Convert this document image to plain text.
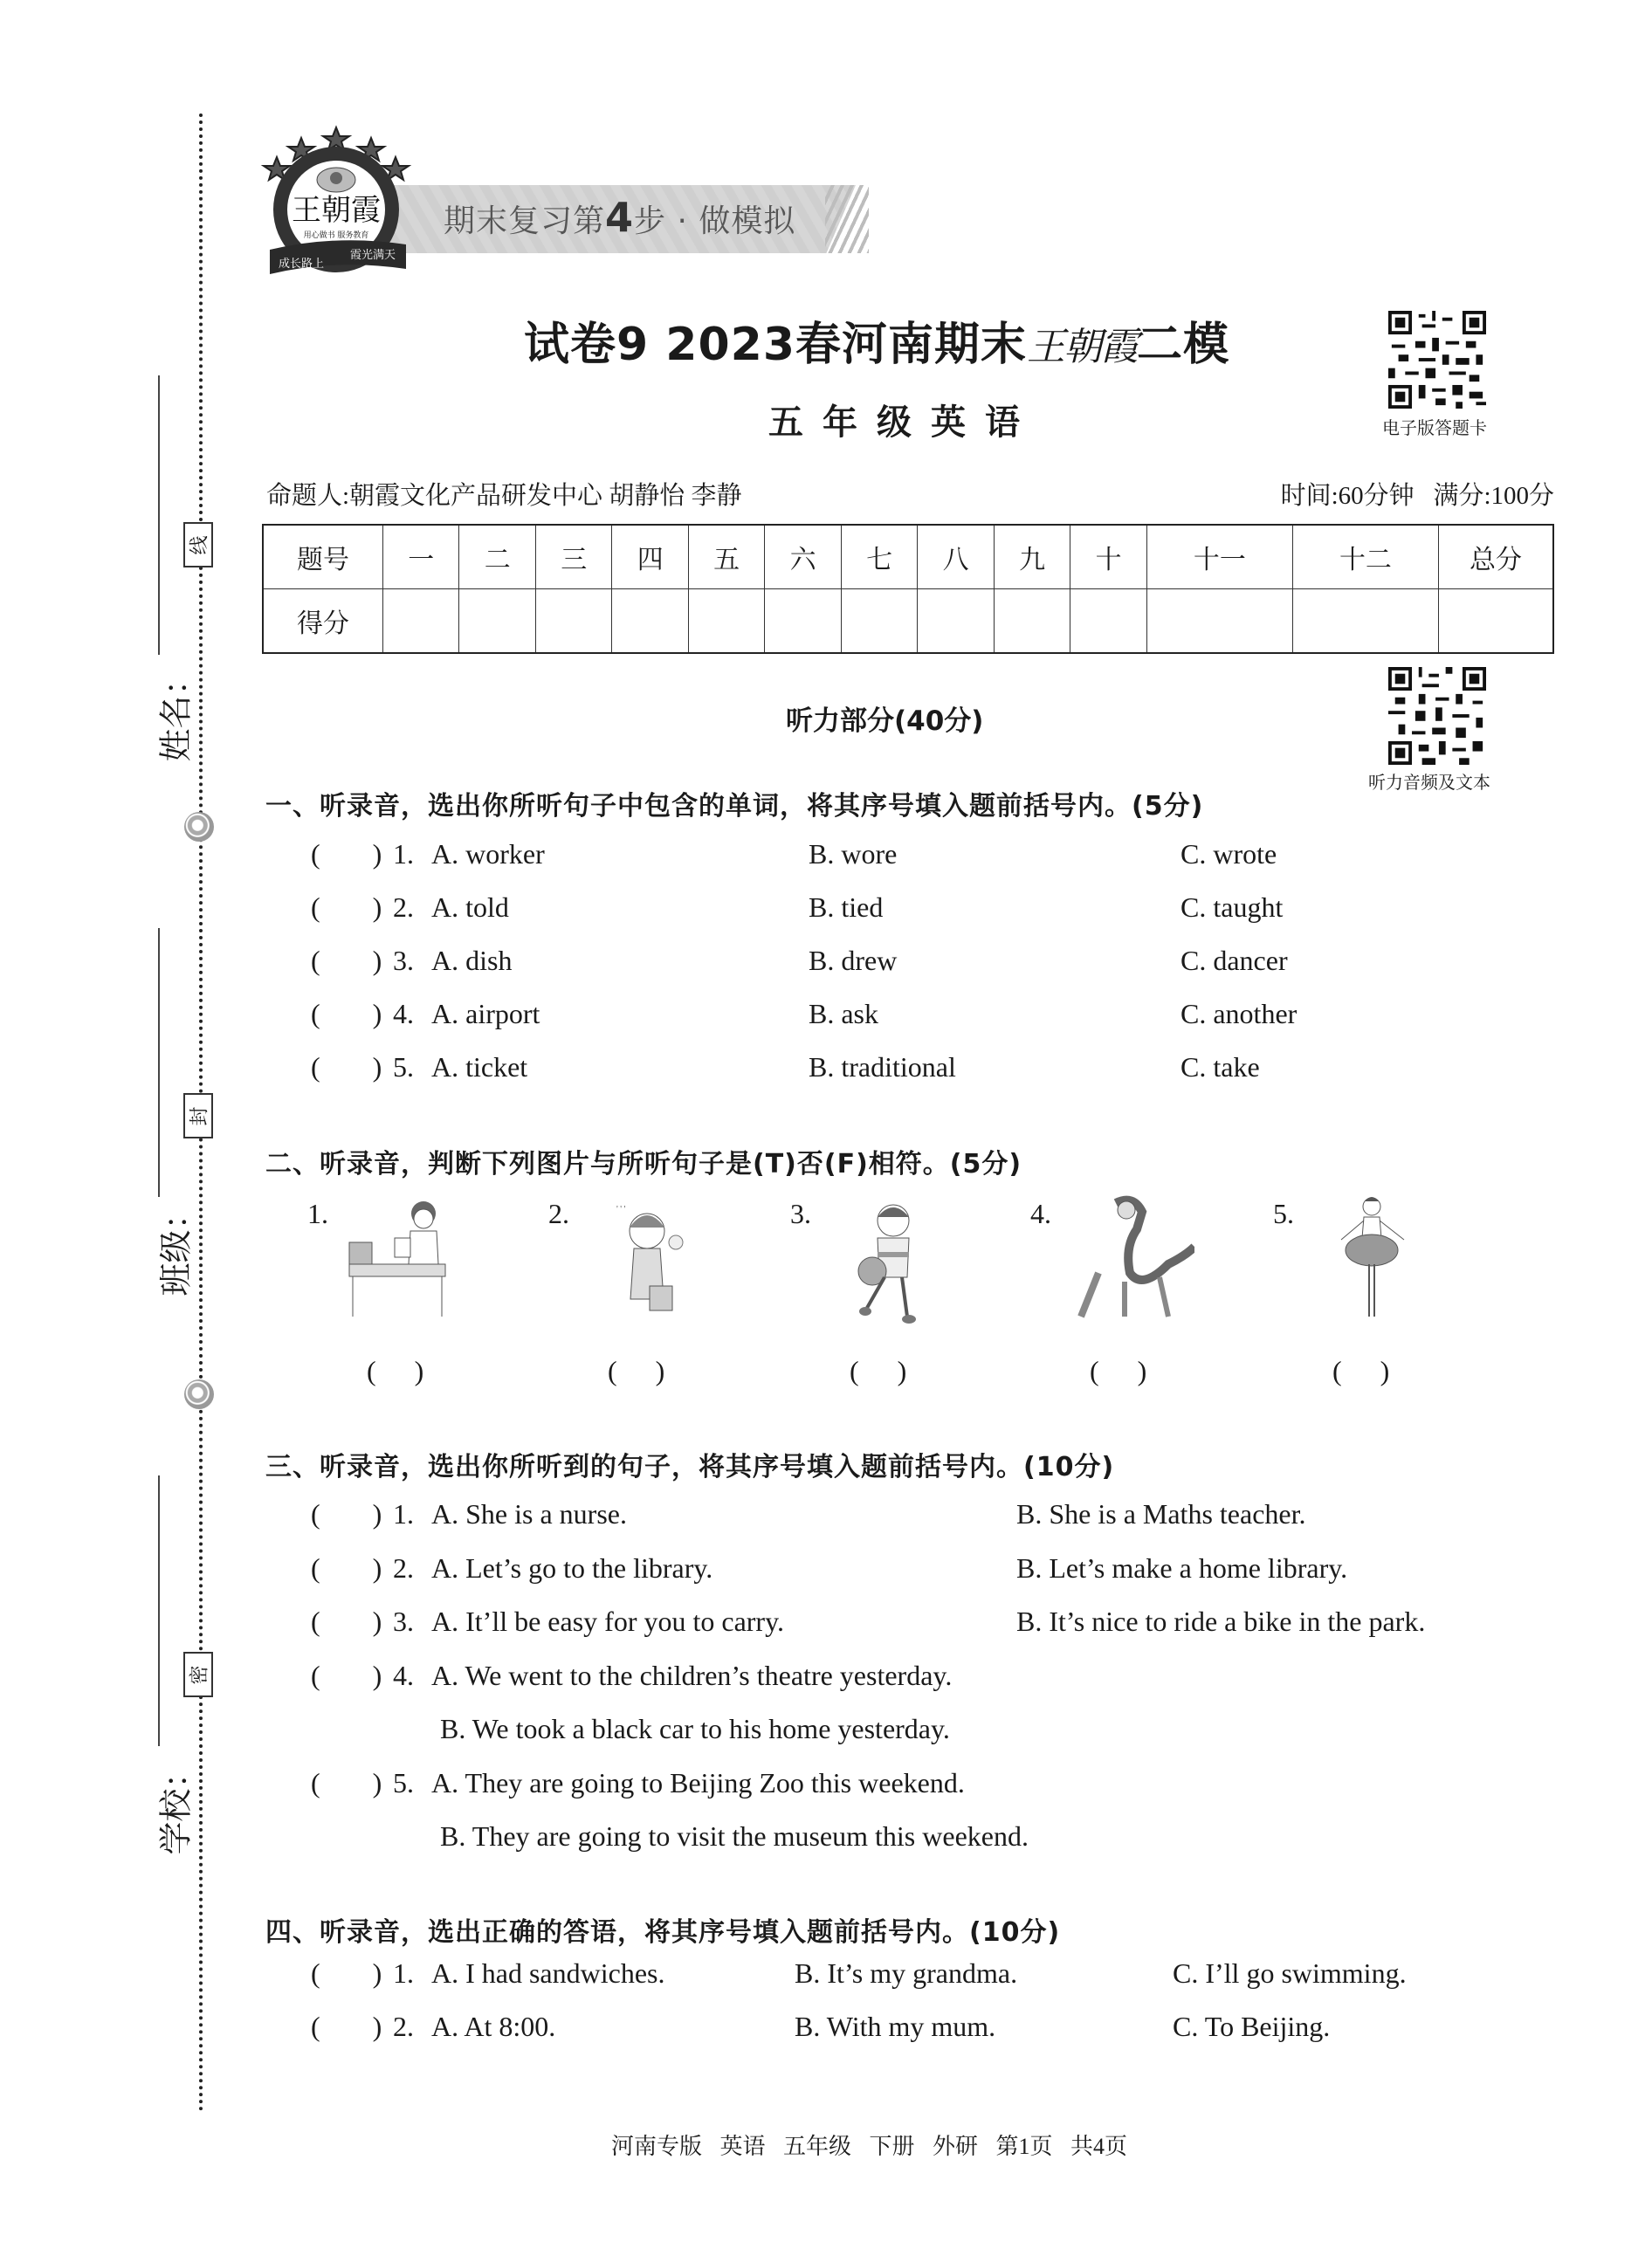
姓名：
班级：
学校：
线
封
密
期末复习第4步 · 做模拟
王朝霞
用心做书 服务教育
成长路上
霞光满天
试卷9 2023春河南期末王朝霞二模
五年级英语	电子版答题卡
听力音频及文本
命题人:朝霞文化产品研发中心 胡静怡 李静	时间:60分钟 满分:100分
题号	一	二	三	四	五	六	七	八	九	十	十一	十二	总分
得分													
听力部分(40分)
一、听录音，选出你所听句子中包含的单词，将其序号填入题前括号内。(5分)
( ) 1. A. worker	B. wore	C. wrote
( ) 2. A. told	B. tied	C. taught
( ) 3. A. dish	B. drew	C. dancer
( ) 4. A. airport	B. ask	C. another
( ) 5. A. ticket	B. traditional	C. take
二、听录音，判断下列图片与所听句子是(T)否(F)相符。(5分)
1.
( )
2.	' ' '
( )
3.
( )
4.
( )
5.
( )
三、听录音，选出你所听到的句子，将其序号填入题前括号内。(10分)
( ) 1. A. She is a nurse.	B. She is a Maths teacher.
( ) 2. A. Let’s go to the library.	B. Let’s make a home library.
( ) 3. A. It’ll be easy for you to carry.	B. It’s nice to ride a bike in the park.
( ) 4. A. We went to the children’s theatre yesterday.
B. We took a black car to his home yesterday.
( ) 5. A. They are going to Beijing Zoo this weekend.
B. They are going to visit the museum this weekend.
四、听录音，选出正确的答语，将其序号填入题前括号内。(10分)
( ) 1. A. I had sandwiches.	B. It’s my grandma.	C. I’ll go swimming.
( ) 2. A. At 8:00.	B. With my mum.	C. To Beijing.
河南专版 英语 五年级 下册 外研 第1页 共4页
